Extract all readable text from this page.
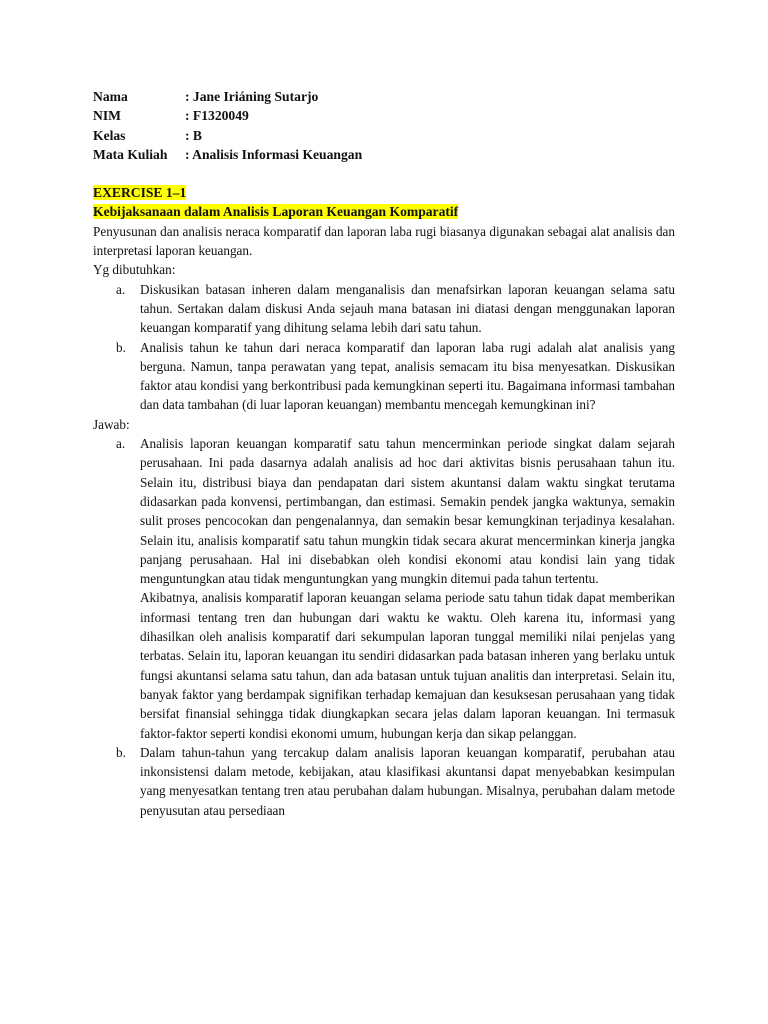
Nama	: Jane Iriáning Sutarjo
NIM	: F1320049
Kelas	: B
Mata Kuliah	: Analisis Informasi Keuangan
EXERCISE 1–1
Kebijaksanaan dalam Analisis Laporan Keuangan Komparatif
Penyusunan dan analisis neraca komparatif dan laporan laba rugi biasanya digunakan sebagai alat analisis dan interpretasi laporan keuangan.
Yg dibutuhkan:
a.	Diskusikan batasan inheren dalam menganalisis dan menafsirkan laporan keuangan selama satu tahun. Sertakan dalam diskusi Anda sejauh mana batasan ini diatasi dengan menggunakan laporan keuangan komparatif yang dihitung selama lebih dari satu tahun.
b.	Analisis tahun ke tahun dari neraca komparatif dan laporan laba rugi adalah alat analisis yang berguna. Namun, tanpa perawatan yang tepat, analisis semacam itu bisa menyesatkan. Diskusikan faktor atau kondisi yang berkontribusi pada kemungkinan seperti itu. Bagaimana informasi tambahan dan data tambahan (di luar laporan keuangan) membantu mencegah kemungkinan ini?
Jawab:
a.	Analisis laporan keuangan komparatif satu tahun mencerminkan periode singkat dalam sejarah perusahaan. Ini pada dasarnya adalah analisis ad hoc dari aktivitas bisnis perusahaan tahun itu. Selain itu, distribusi biaya dan pendapatan dari sistem akuntansi dalam waktu singkat terutama didasarkan pada konvensi, pertimbangan, dan estimasi. Semakin pendek jangka waktunya, semakin sulit proses pencocokan dan pengenalannya, dan semakin besar kemungkinan terjadinya kesalahan. Selain itu, analisis komparatif satu tahun mungkin tidak secara akurat mencerminkan kinerja jangka panjang perusahaan. Hal ini disebabkan oleh kondisi ekonomi atau kondisi lain yang tidak menguntungkan atau tidak menguntungkan yang mungkin ditemui pada tahun tertentu.

Akibatnya, analisis komparatif laporan keuangan selama periode satu tahun tidak dapat memberikan informasi tentang tren dan hubungan dari waktu ke waktu. Oleh karena itu, informasi yang dihasilkan oleh analisis komparatif dari sekumpulan laporan tunggal memiliki nilai penjelas yang terbatas. Selain itu, laporan keuangan itu sendiri didasarkan pada batasan inheren yang berlaku untuk fungsi akuntansi selama satu tahun, dan ada batasan untuk tujuan analitis dan interpretasi. Selain itu, banyak faktor yang berdampak signifikan terhadap kemajuan dan kesuksesan perusahaan yang tidak bersifat finansial sehingga tidak diungkapkan secara jelas dalam laporan keuangan. Ini termasuk faktor-faktor seperti kondisi ekonomi umum, hubungan kerja dan sikap pelanggan.

b.	Dalam tahun-tahun yang tercakup dalam analisis laporan keuangan komparatif, perubahan atau inkonsistensi dalam metode, kebijakan, atau klasifikasi akuntansi dapat menyebabkan kesimpulan yang menyesatkan tentang tren atau perubahan dalam hubungan. Misalnya, perubahan dalam metode penyusutan atau persediaan
